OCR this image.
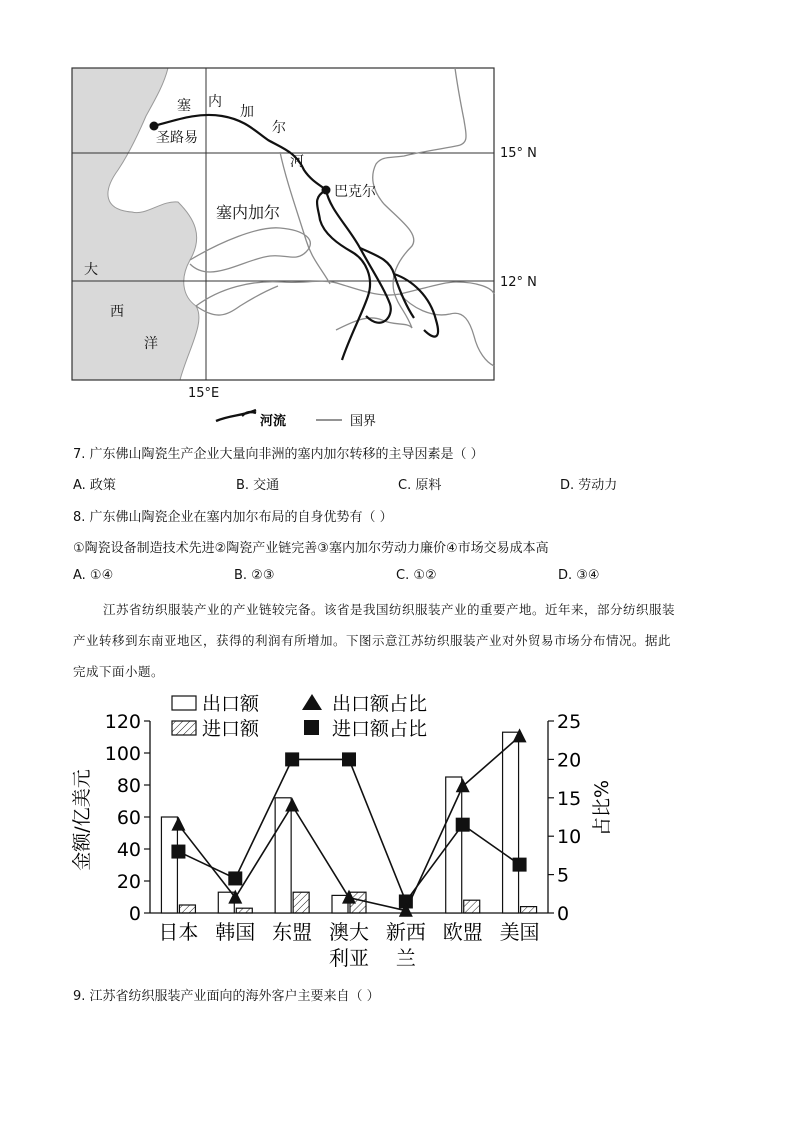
塞 内
加
尔
河
圣路易
巴克尔
塞内加尔
大
西
洋
15° N
12° N
15°E
河流	国界
7. 广东佛山陶瓷生产企业大量向非洲的塞内加尔转移的主导因素是（ ）
A. 政策	B. 交通	C. 原料	D. 劳动力
8. 广东佛山陶瓷企业在塞内加尔布局的自身优势有（ ）
①陶瓷设备制造技术先进②陶瓷产业链完善③塞内加尔劳动力廉价④市场交易成本高
A. ①④	B. ②③	C. ①②	D. ③④
江苏省纺织服装产业的产业链较完备。该省是我国纺织服装产业的重要产地。近年来，部分纺织服装
产业转移到东南亚地区，获得的利润有所增加。下图示意江苏纺织服装产业对外贸易市场分布情况。据此
完成下面小题。
出口额	出口额占比
进口额	进口额占比
金额/亿美元	占比%
0
20
40
60
80
100
120
0
5
10
15
20
25
日本 韩国 东盟 澳大
利亚
新西
兰
欧盟 美国
9. 江苏省纺织服装产业面向的海外客户主要来自（ ）
